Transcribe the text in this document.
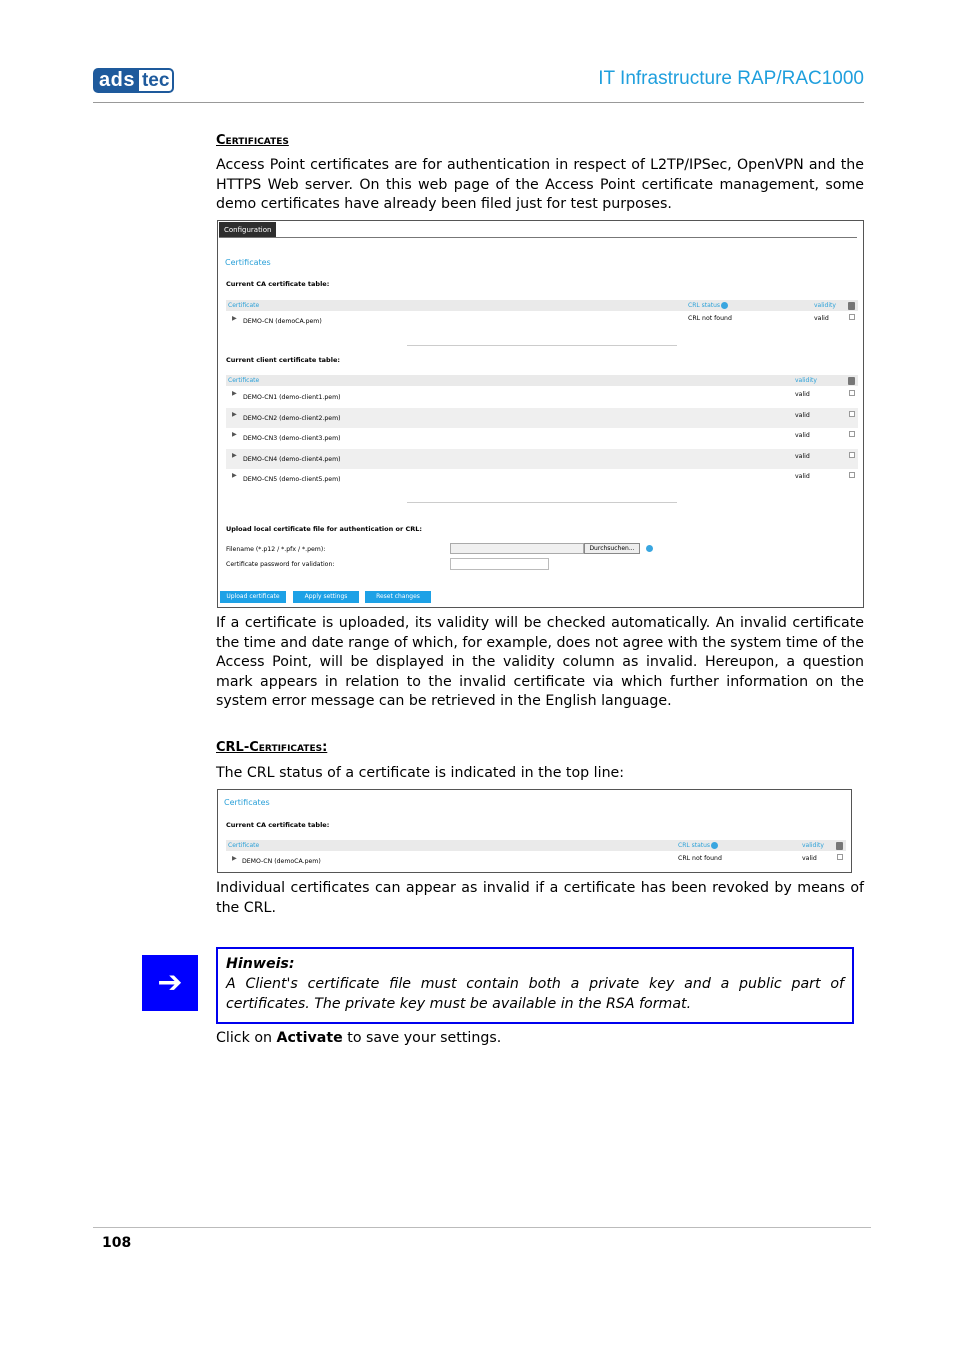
ads tec	IT Infrastructure RAP/RAC1000
Certificates
Access Point certificates are for authentication in respect of L2TP/IPSec, OpenVPN and the HTTPS Web server. On this web page of the Access Point certificate management, some demo certificates have already been filed just for test purposes.
Configuration
Certificates
Current CA certificate table:
Certificate	CRL status	validity
▶ DEMO-CN (demoCA.pem)	CRL not found	valid
Current client certificate table:
Certificate	validity
▶
DEMO-CN1 (demo-client1.pem)	valid
▶
DEMO-CN2 (demo-client2.pem)	valid
▶
DEMO-CN3 (demo-client3.pem)	valid
▶
DEMO-CN4 (demo-client4.pem)	valid
▶
DEMO-CN5 (demo-client5.pem)	valid
Upload local certificate file for authentication or CRL:
Filename (*.p12 / *.pfx / *.pem):	Durchsuchen...
Certificate password for validation:
Upload certificate	Apply settings	Reset changes
If a certificate is uploaded, its validity will be checked automatically. An invalid certificate the time and date range of which, for example, does not agree with the system time of the Access Point, will be displayed in the validity column as invalid. Hereupon, a question mark appears in relation to the invalid certificate via which further information on the system error message can be retrieved in the English language.
CRL-Certificates:
The CRL status of a certificate is indicated in the top line:
Certificates
Current CA certificate table:
Certificate	CRL status	validity
▶ DEMO-CN (demoCA.pem)	CRL not found	valid
Individual certificates can appear as invalid if a certificate has been revoked by means of the CRL.
➔
Hinweis:
A Client's certificate file must contain both a private key and a public part of certificates. The private key must be available in the RSA format.
Click on Activate to save your settings.
108
